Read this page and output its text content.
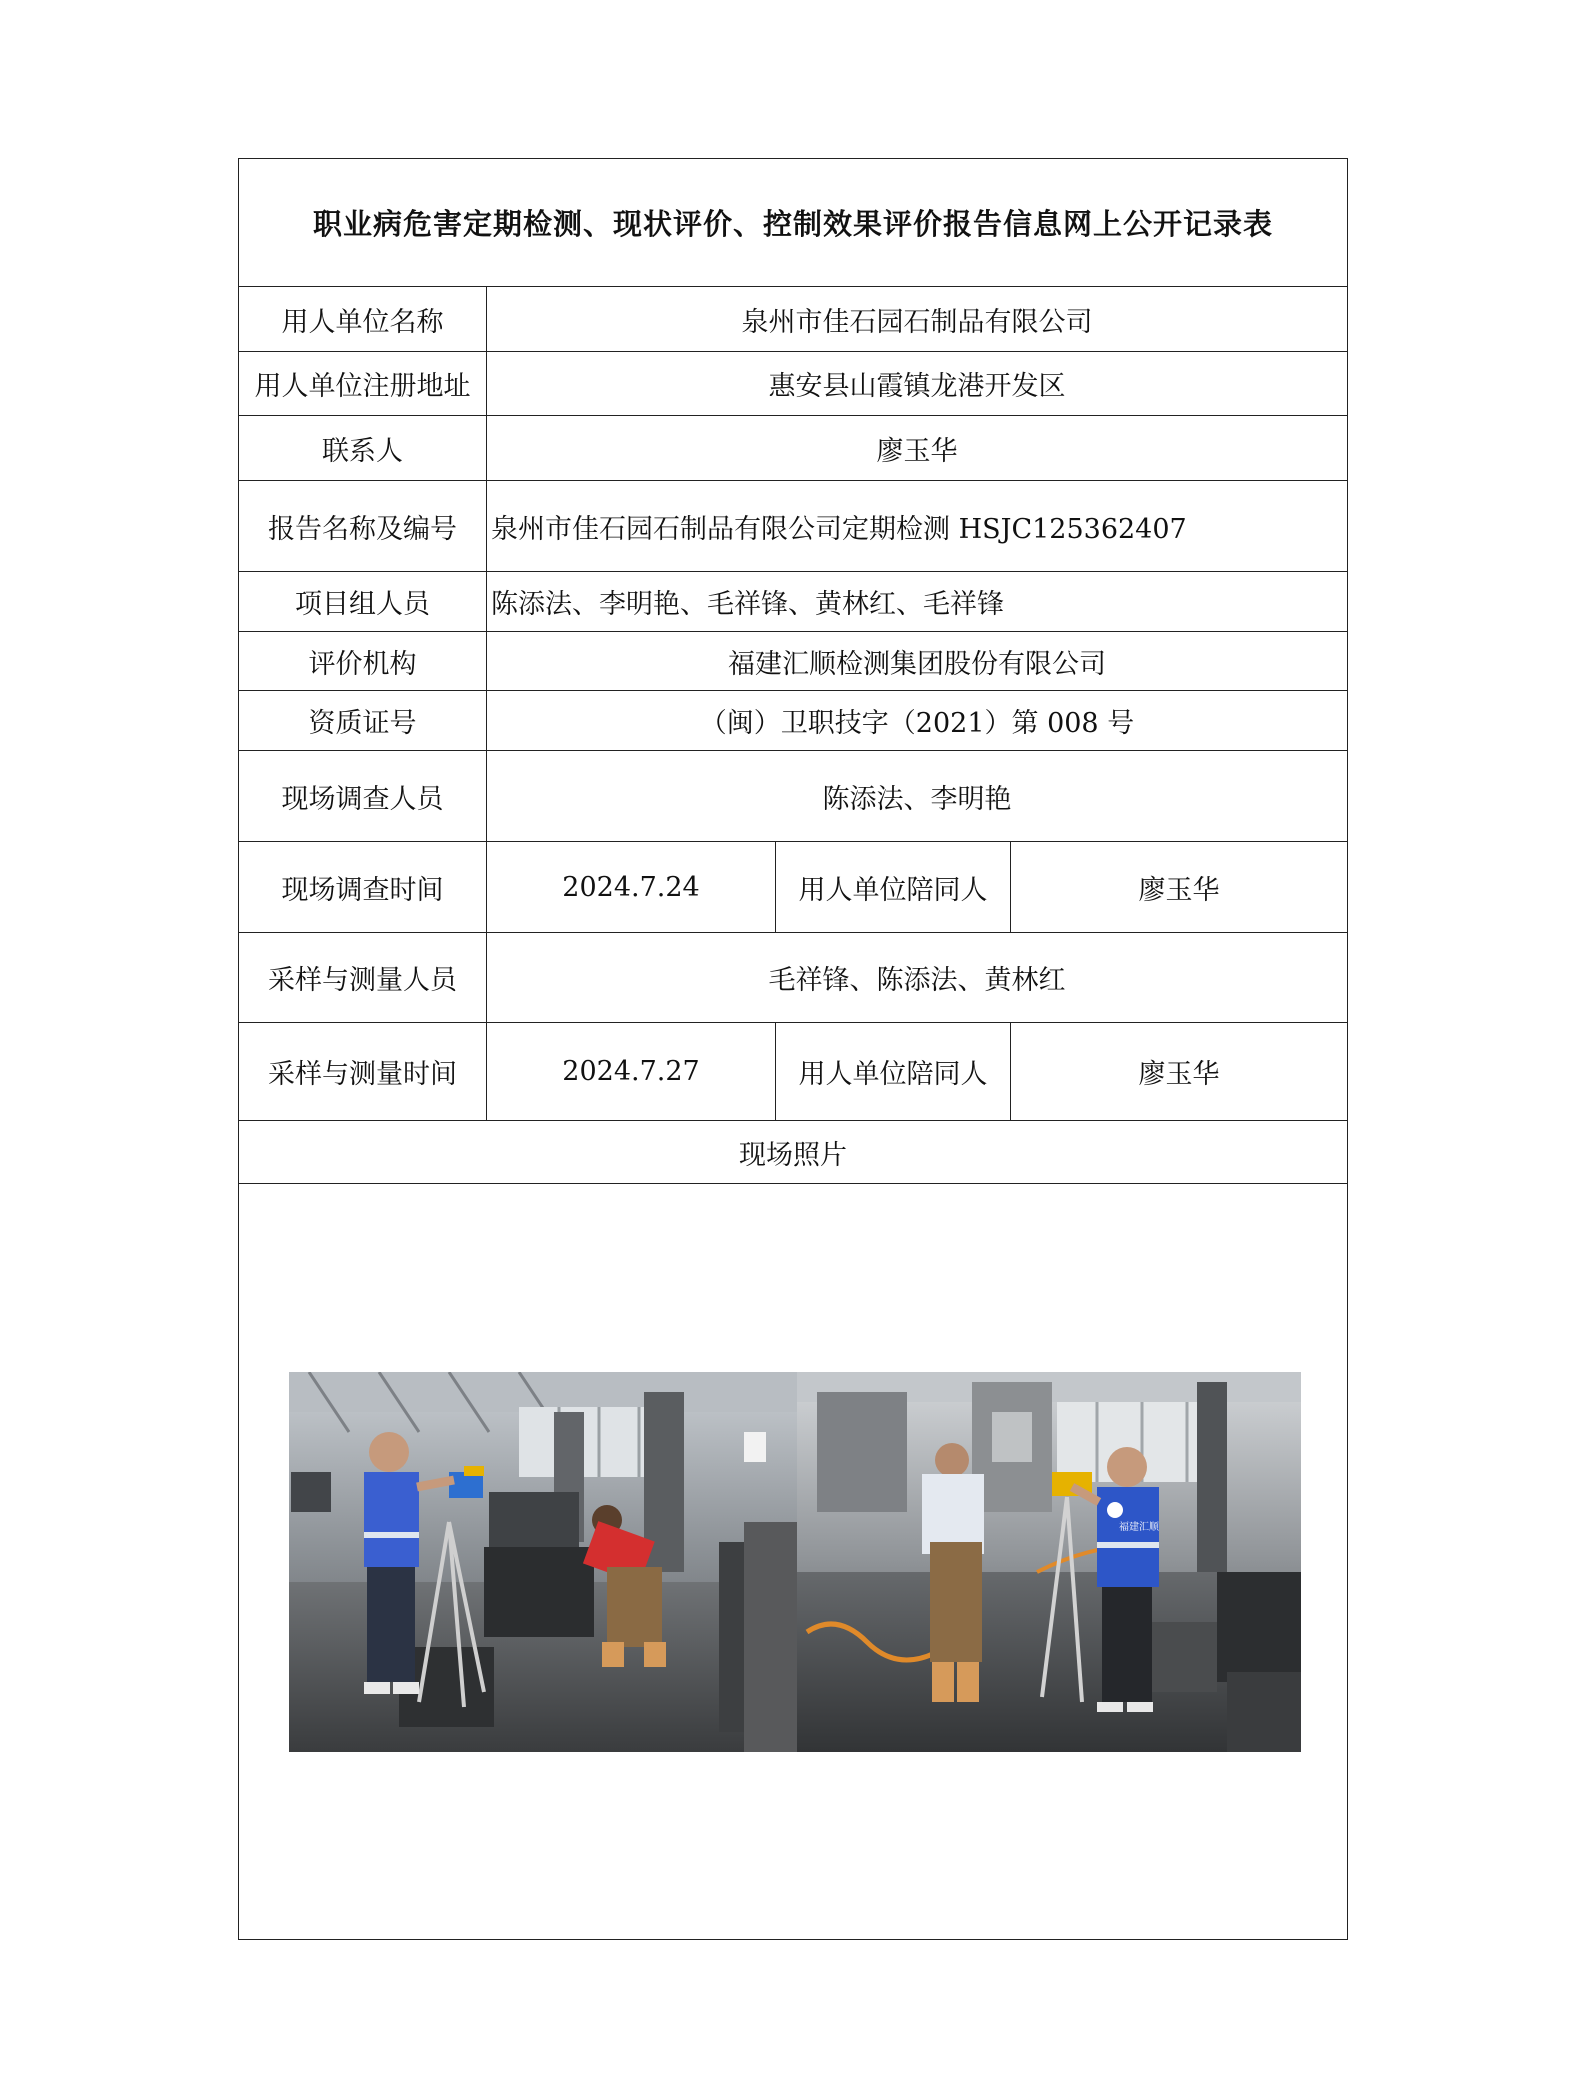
职业病危害定期检测、现状评价、控制效果评价报告信息网上公开记录表
用人单位名称	泉州市佳石园石制品有限公司
用人单位注册地址	惠安县山霞镇龙港开发区
联系人	廖玉华
报告名称及编号	泉州市佳石园石制品有限公司定期检测 HSJC125362407
项目组人员	陈添法、李明艳、毛祥锋、黄林红、毛祥锋
评价机构	福建汇顺检测集团股份有限公司
资质证号	（闽）卫职技字（2021）第 008 号
现场调查人员	陈添法、李明艳
现场调查时间	2024.7.24	用人单位陪同人	廖玉华
采样与测量人员	毛祥锋、陈添法、黄林红
采样与测量时间	2024.7.27	用人单位陪同人	廖玉华
现场照片
福建汇顺
